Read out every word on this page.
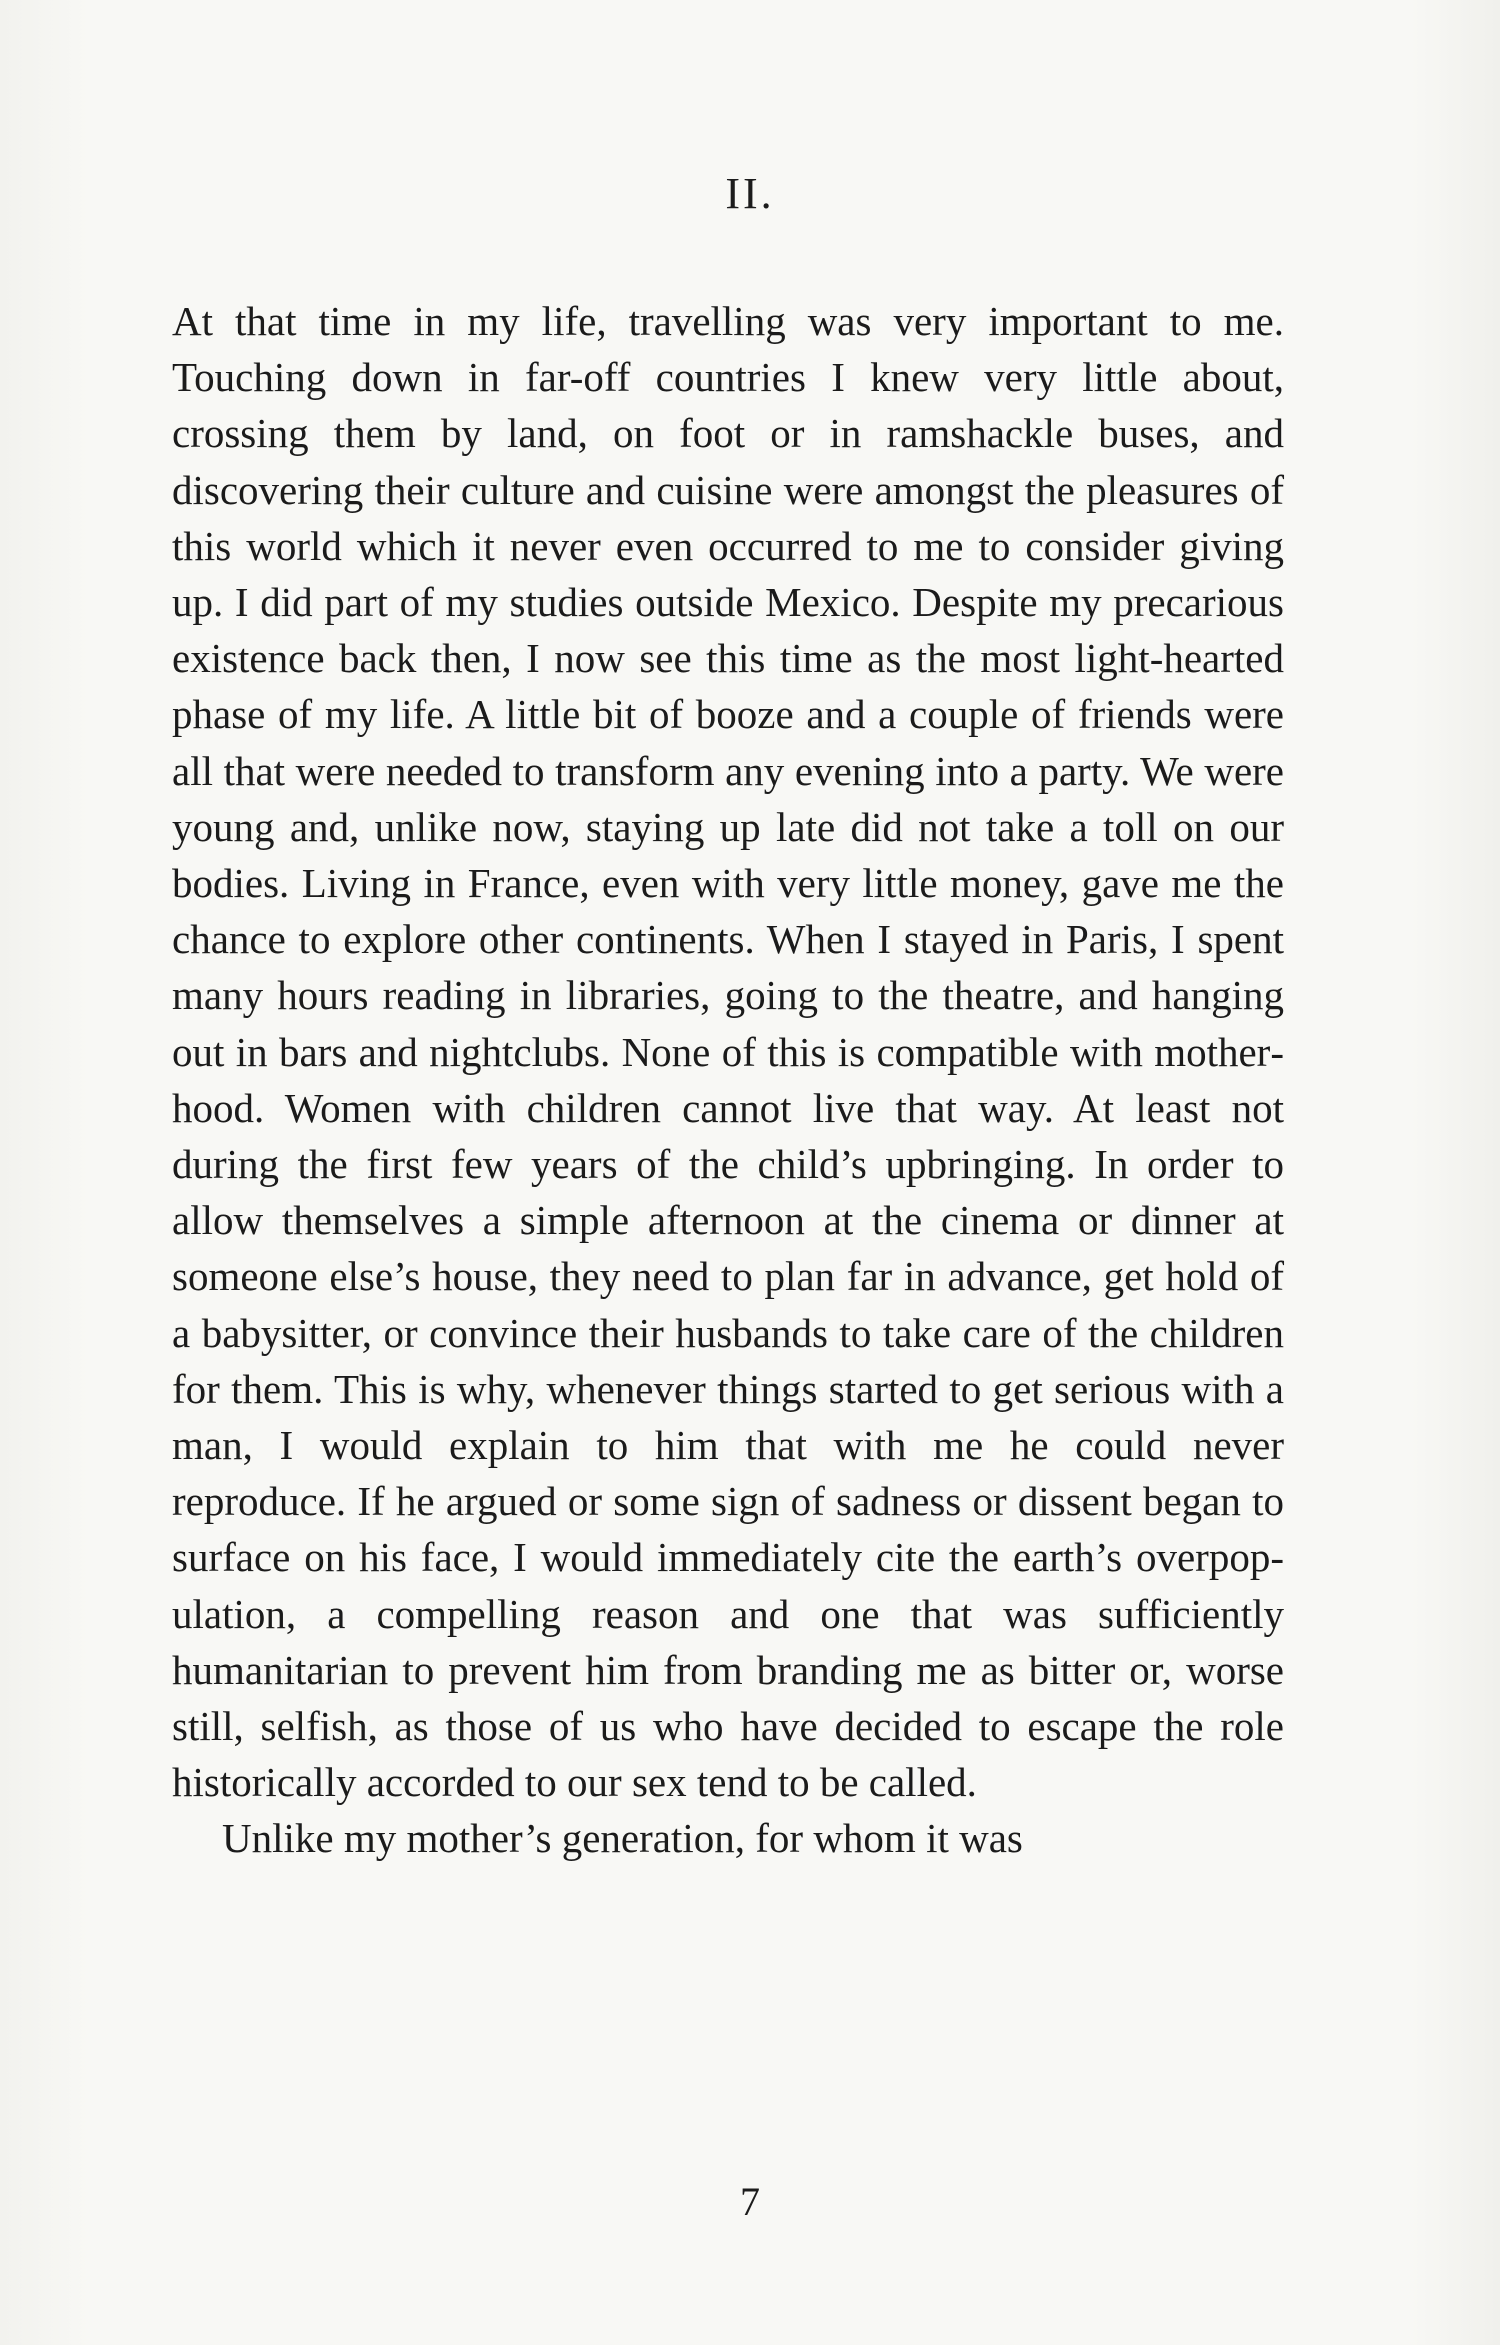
II.

At that time in my life, travelling was very important to me. Touching down in far-off countries I knew very little about, crossing them by land, on foot or in ramshackle buses, and discovering their culture and cuisine were amongst the pleasures of this world which it never even occurred to me to consider giving up. I did part of my studies outside Mexico. Despite my precarious existence back then, I now see this time as the most light-hearted phase of my life. A little bit of booze and a couple of friends were all that were needed to transform any evening into a party. We were young and, unlike now, staying up late did not take a toll on our bodies. Living in France, even with very little money, gave me the chance to explore other continents. When I stayed in Paris, I spent many hours reading in libraries, going to the theatre, and hanging out in bars and nightclubs. None of this is compatible with motherhood. Women with children cannot live that way. At least not during the first few years of the child’s upbringing. In order to allow themselves a simple afternoon at the cinema or dinner at someone else’s house, they need to plan far in advance, get hold of a babysitter, or convince their husbands to take care of the children for them. This is why, whenever things started to get serious with a man, I would explain to him that with me he could never reproduce. If he argued or some sign of sadness or dissent began to surface on his face, I would immediately cite the earth’s overpopulation, a compelling reason and one that was sufficiently humanitarian to prevent him from branding me as bitter or, worse still, selfish, as those of us who have decided to escape the role historically accorded to our sex tend to be called.

Unlike my mother’s generation, for whom it was

7
